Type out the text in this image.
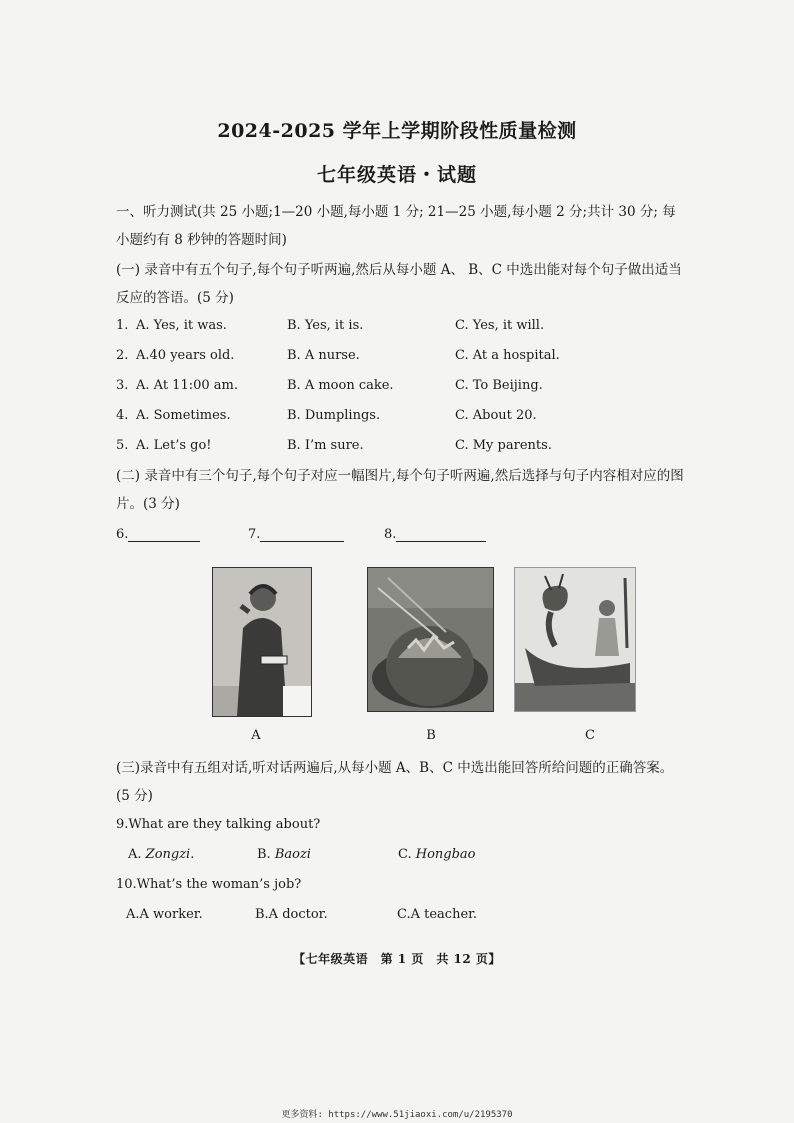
2024-2025 学年上学期阶段性质量检测
七年级英语・试题
一、听力测试(共 25 小题;1—20 小题,每小题 1 分; 21—25 小题,每小题 2 分;共计 30 分; 每小题约有 8 秒钟的答题时间)
(一) 录音中有五个句子,每个句子听两遍,然后从每小题 A、 B、C 中选出能对每个句子做出适当反应的答语。(5 分)
1. A. Yes, it was.	B. Yes, it is.	C. Yes, it will.
2. A.40 years old.	B. A nurse.	C. At a hospital.
3. A. At 11:00 am.	B. A moon cake.	C. To Beijing.
4. A. Sometimes.	B. Dumplings.	C. About 20.
5. A. Let’s go!	B. I’m sure.	C. My parents.
(二) 录音中有三个句子,每个句子对应一幅图片,每个句子听两遍,然后选择与句子内容相对应的图片。(3 分)
6.	7.	8.
A	B	C
(三)录音中有五组对话,听对话两遍后,从每小题 A、B、C 中选出能回答所给问题的正确答案。(5 分)
9.What are they talking about?
A. Zongzi.	B. Baozi	C. Hongbao
10.What’s the woman’s job?
A.A worker.	B.A doctor.	C.A teacher.
【七年级英语　第 1 页　共 12 页】
更多资料: https://www.51jiaoxi.com/u/2195370
